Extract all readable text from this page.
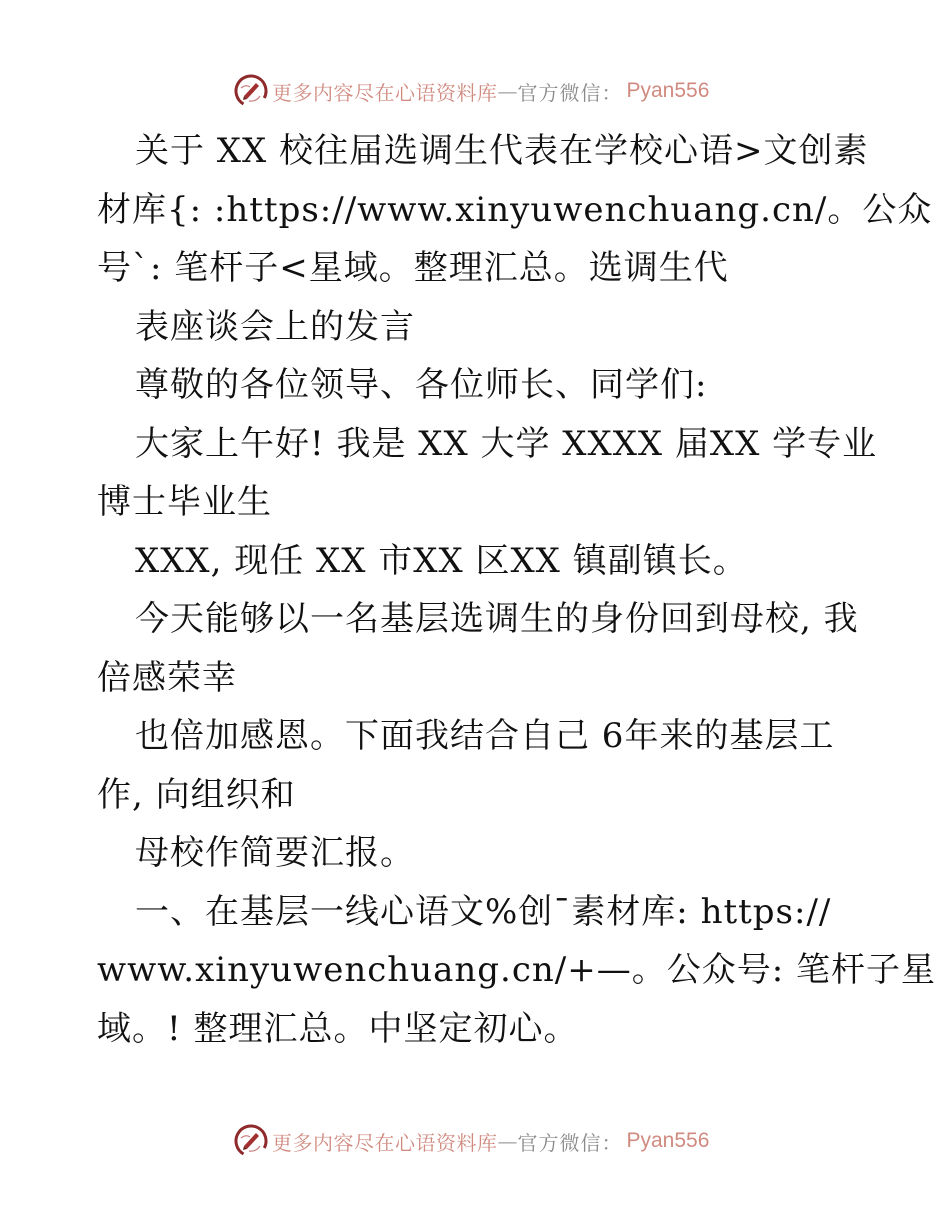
更多内容尽在心语资料库 — 官方微信： Pyan556
关于 XX 校往届选调生代表在学校心语>文创素
材库{: :https://www.xinyuwenchuang.cn/。公众
号`: 笔杆子<星域。整理汇总。选调生代
表座谈会上的发言
尊敬的各位领导、各位师长、同学们:
大家上午好! 我是 XX 大学 XXXX 届XX 学专业
博士毕业生
XXX, 现任 XX 市XX 区XX 镇副镇长。
今天能够以一名基层选调生的身份回到母校, 我
倍感荣幸
也倍加感恩。下面我结合自己 6年来的基层工
作, 向组织和
母校作简要汇报。
一、在基层一线心语文%创¯素材库: https://
www.xinyuwenchuang.cn/+—。公众号: 笔杆子星
域。! 整理汇总。中坚定初心。
更多内容尽在心语资料库 — 官方微信： Pyan556
